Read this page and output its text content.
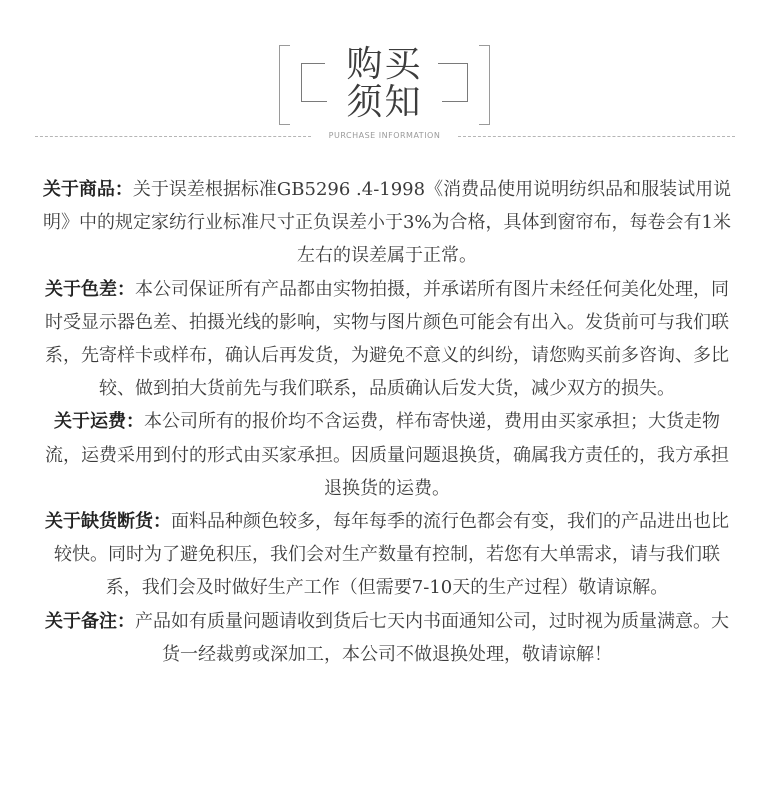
购买
须知
PURCHASE INFORMATION
关于商品：关于误差根据标准GB5296 .4-1998《消费品使用说明纺织品和服装试用说明》中的规定家纺行业标准尺寸正负误差小于3%为合格，具体到窗帘布，每卷会有1米左右的误差属于正常。
关于色差：本公司保证所有产品都由实物拍摄，并承诺所有图片未经任何美化处理，同时受显示器色差、拍摄光线的影响，实物与图片颜色可能会有出入。发货前可与我们联系，先寄样卡或样布，确认后再发货，为避免不意义的纠纷，请您购买前多咨询、多比较、做到拍大货前先与我们联系，品质确认后发大货，减少双方的损失。
关于运费：本公司所有的报价均不含运费，样布寄快递，费用由买家承担；大货走物流，运费采用到付的形式由买家承担。因质量问题退换货，确属我方责任的，我方承担退换货的运费。
关于缺货断货：面料品种颜色较多，每年每季的流行色都会有变，我们的产品进出也比较快。同时为了避免积压，我们会对生产数量有控制，若您有大单需求，请与我们联系，我们会及时做好生产工作（但需要7-10天的生产过程）敬请谅解。
关于备注：产品如有质量问题请收到货后七天内书面通知公司，过时视为质量满意。大货一经裁剪或深加工，本公司不做退换处理，敬请谅解！
